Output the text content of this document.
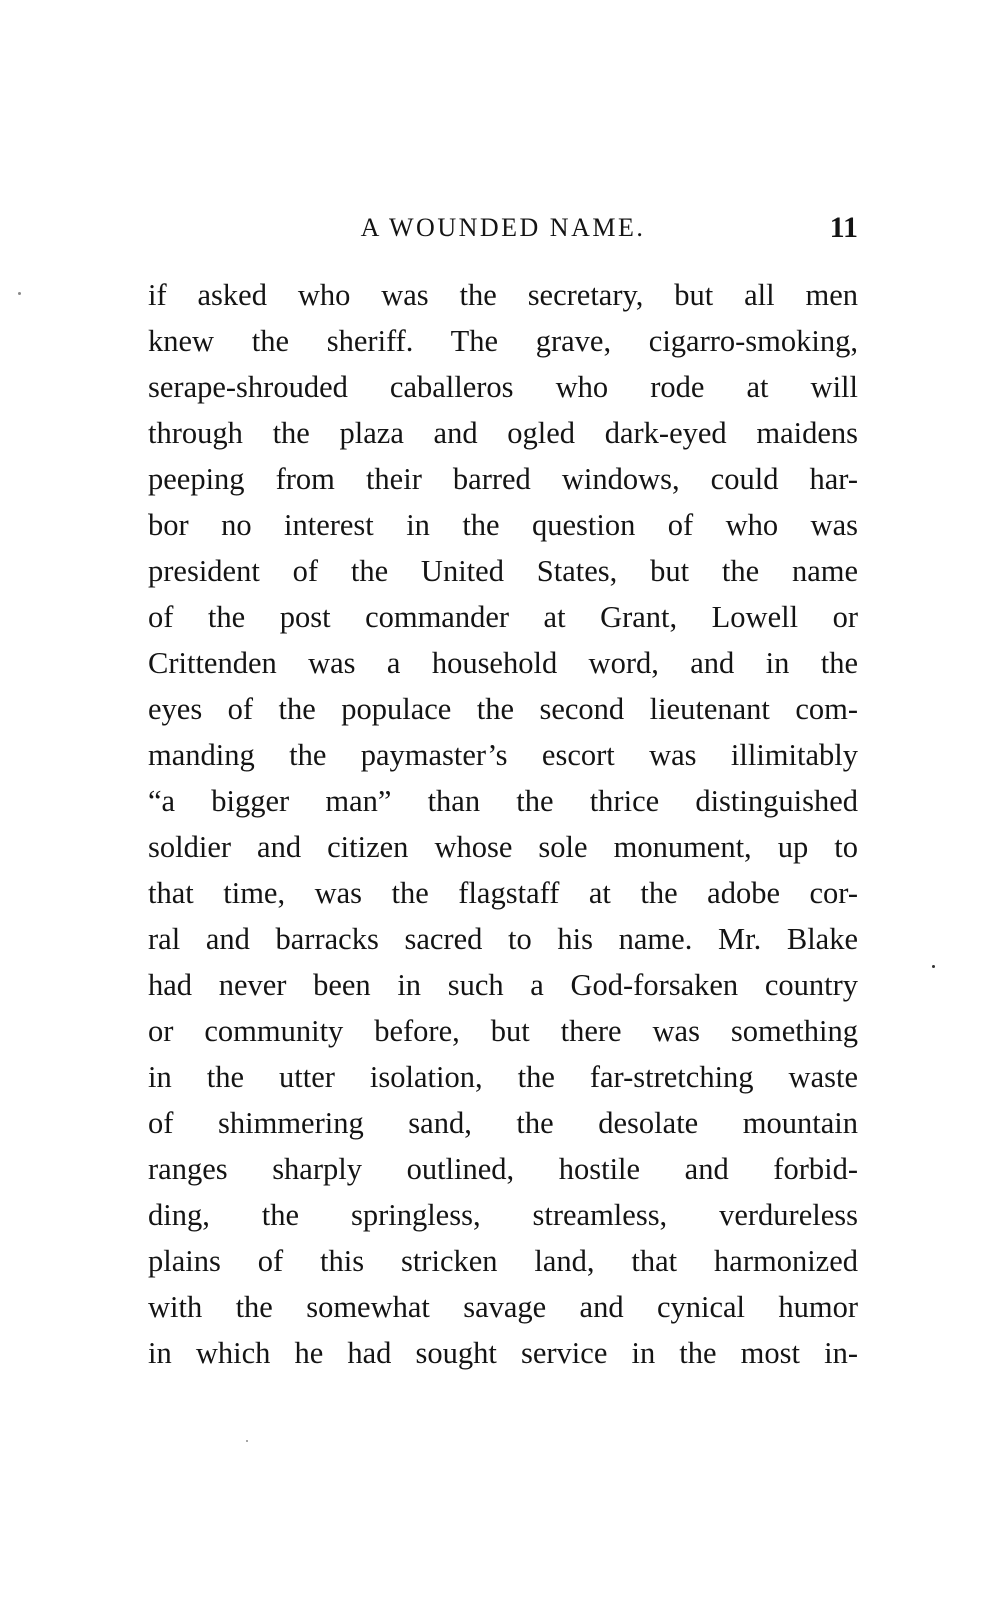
A WOUNDED NAME.	11
if asked who was the secretary, but all men
knew the sheriff. The grave, cigarro-smoking,
serape-shrouded caballeros who rode at will
through the plaza and ogled dark-eyed maidens
peeping from their barred windows, could har-
bor no interest in the question of who was
president of the United States, but the name
of the post commander at Grant, Lowell or
Crittenden was a household word, and in the
eyes of the populace the second lieutenant com-
manding the paymaster’s escort was illimitably
“a bigger man” than the thrice distinguished
soldier and citizen whose sole monument, up to
that time, was the flagstaff at the adobe cor-
ral and barracks sacred to his name. Mr. Blake
had never been in such a God-forsaken country
or community before, but there was something
in the utter isolation, the far-stretching waste
of shimmering sand, the desolate mountain
ranges sharply outlined, hostile and forbid-
ding, the springless, streamless, verdureless
plains of this stricken land, that harmonized
with the somewhat savage and cynical humor
in which he had sought service in the most in-
